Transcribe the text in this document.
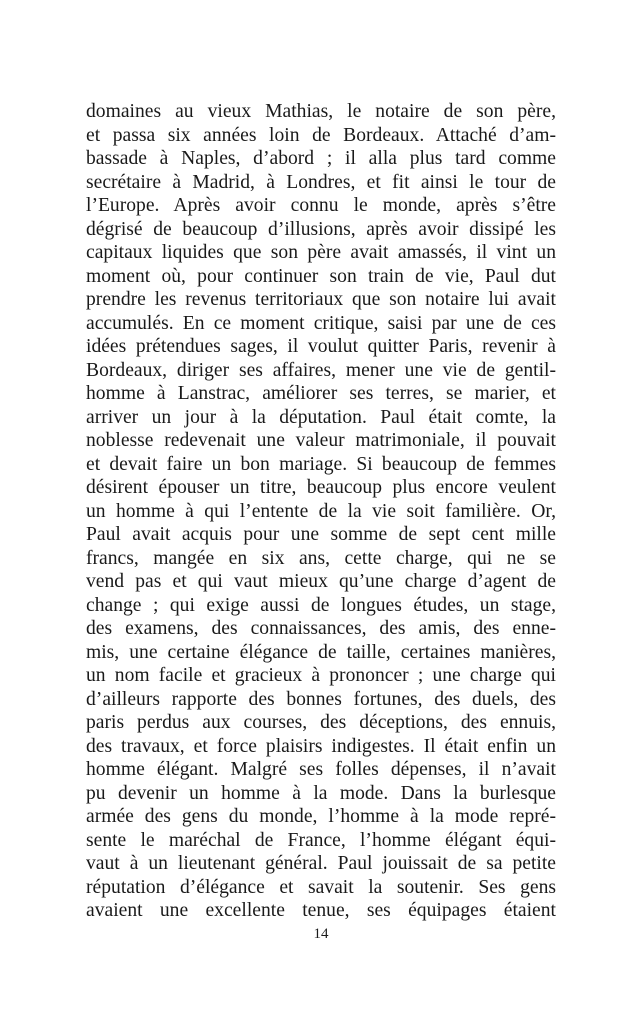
domaines au vieux Mathias, le notaire de son père,
et passa six années loin de Bordeaux. Attaché d’am-
bassade à Naples, d’abord ; il alla plus tard comme
secrétaire à Madrid, à Londres, et fit ainsi le tour de
l’Europe. Après avoir connu le monde, après s’être
dégrisé de beaucoup d’illusions, après avoir dissipé les
capitaux liquides que son père avait amassés, il vint un
moment où, pour continuer son train de vie, Paul dut
prendre les revenus territoriaux que son notaire lui avait
accumulés. En ce moment critique, saisi par une de ces
idées prétendues sages, il voulut quitter Paris, revenir à
Bordeaux, diriger ses affaires, mener une vie de gentil-
homme à Lanstrac, améliorer ses terres, se marier, et
arriver un jour à la députation. Paul était comte, la
noblesse redevenait une valeur matrimoniale, il pouvait
et devait faire un bon mariage. Si beaucoup de femmes
désirent épouser un titre, beaucoup plus encore veulent
un homme à qui l’entente de la vie soit familière. Or,
Paul avait acquis pour une somme de sept cent mille
francs, mangée en six ans, cette charge, qui ne se
vend pas et qui vaut mieux qu’une charge d’agent de
change ; qui exige aussi de longues études, un stage,
des examens, des connaissances, des amis, des enne-
mis, une certaine élégance de taille, certaines manières,
un nom facile et gracieux à prononcer ; une charge qui
d’ailleurs rapporte des bonnes fortunes, des duels, des
paris perdus aux courses, des déceptions, des ennuis,
des travaux, et force plaisirs indigestes. Il était enfin un
homme élégant. Malgré ses folles dépenses, il n’avait
pu devenir un homme à la mode. Dans la burlesque
armée des gens du monde, l’homme à la mode repré-
sente le maréchal de France, l’homme élégant équi-
vaut à un lieutenant général. Paul jouissait de sa petite
réputation d’élégance et savait la soutenir. Ses gens
avaient une excellente tenue, ses équipages étaient
14
